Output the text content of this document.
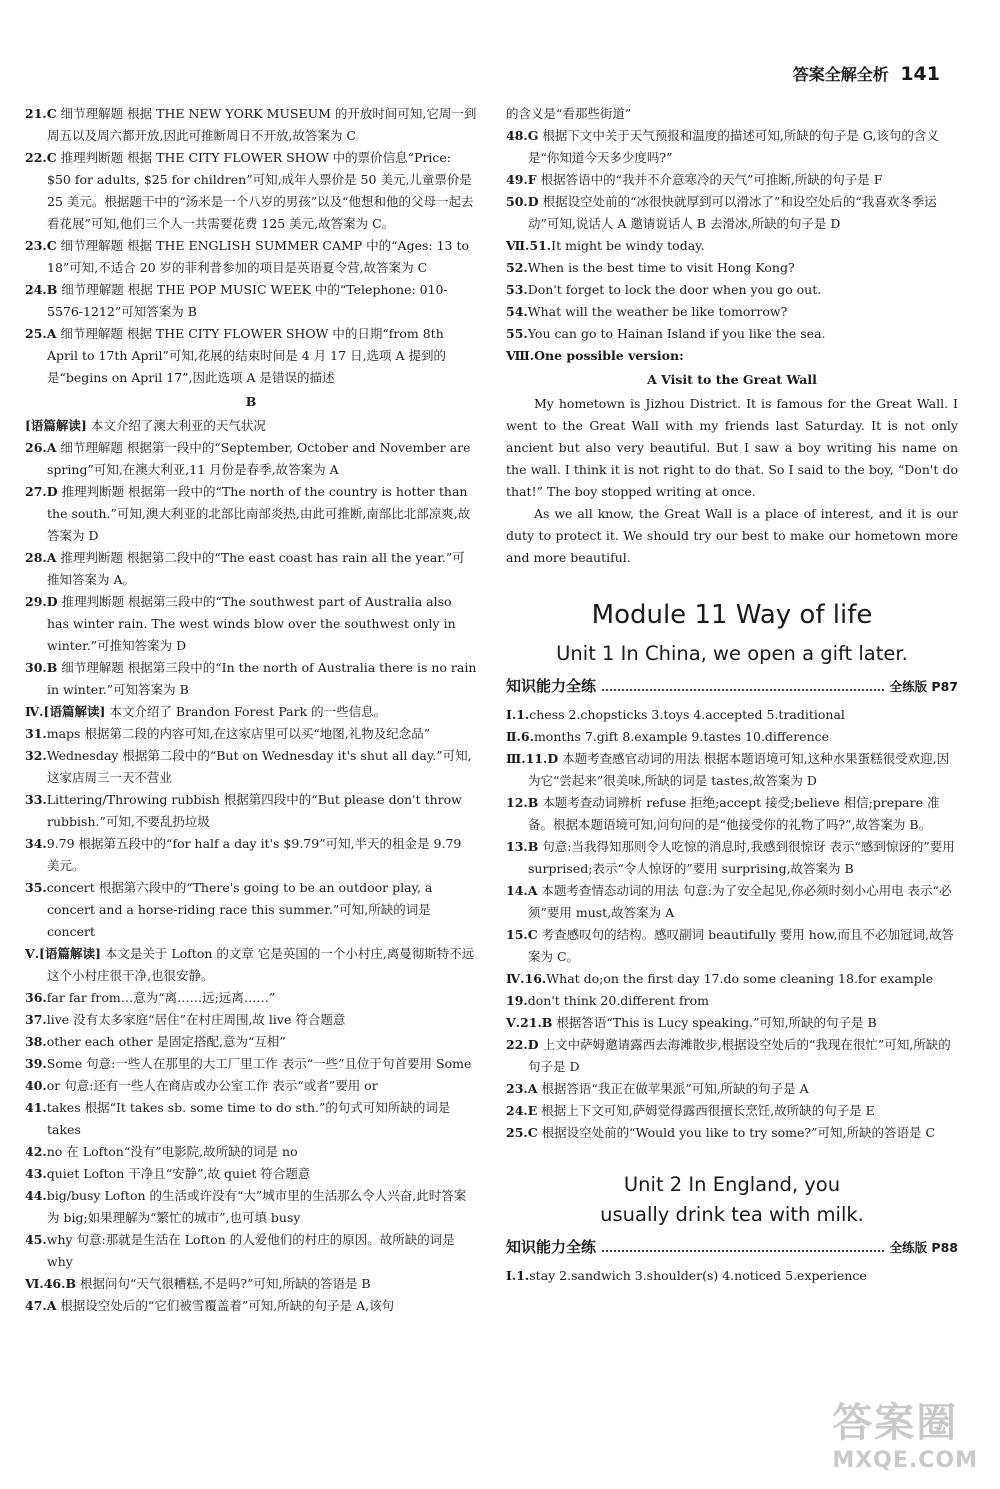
答案全解全析 141

21.C 细节理解题 根据 THE NEW YORK MUSEUM 的开放时间可知,它周一到周五以及周六都开放,因此可推断周日不开放,故答案为 C

22.C 推理判断题 根据 THE CITY FLOWER SHOW 中的票价信息“Price: $50 for adults, $25 for children”可知,成年人票价是 50 美元,儿童票价是 25 美元。根据题干中的“汤米是一个八岁的男孩”以及“他想和他的父母一起去看花展”可知,他们三个人一共需要花费 125 美元,故答案为 C。

23.C 细节理解题 根据 THE ENGLISH SUMMER CAMP 中的“Ages: 13 to 18”可知,不适合 20 岁的菲利普参加的项目是英语夏令营,故答案为 C

24.B 细节理解题 根据 THE POP MUSIC WEEK 中的“Telephone: 010-5576-1212”可知答案为 B

25.A 细节理解题 根据 THE CITY FLOWER SHOW 中的日期“from 8th April to 17th April”可知,花展的结束时间是 4 月 17 日,选项 A 提到的是“begins on April 17”,因此选项 A 是错误的描述

B

[语篇解读] 本文介绍了澳大利亚的天气状况

26.A 细节理解题 根据第一段中的“September, October and November are spring”可知,在澳大利亚,11 月份是春季,故答案为 A

27.D 推理判断题 根据第一段中的“The north of the country is hotter than the south.”可知,澳大利亚的北部比南部炎热,由此可推断,南部比北部凉爽,故答案为 D

28.A 推理判断题 根据第二段中的“The east coast has rain all the year.”可推知答案为 A。

29.D 推理判断题 根据第三段中的“The southwest part of Australia also has winter rain. The west winds blow over the southwest only in winter.”可推知答案为 D

30.B 细节理解题 根据第三段中的“In the north of Australia there is no rain in winter.”可知答案为 B

Ⅳ.[语篇解读] 本文介绍了 Brandon Forest Park 的一些信息。

31.maps 根据第二段的内容可知,在这家店里可以买“地图,礼物及纪念品”

32.Wednesday 根据第二段中的“But on Wednesday it's shut all day.”可知,这家店周三一天不营业

33.Littering/Throwing rubbish 根据第四段中的“But please don't throw rubbish.”可知,不要乱扔垃圾

34.9.79 根据第五段中的“for half a day it's $9.79”可知,半天的租金是 9.79 美元。

35.concert 根据第六段中的“There's going to be an outdoor play, a concert and a horse-riding race this summer.”可知,所缺的词是 concert

Ⅴ.[语篇解读] 本文是关于 Lofton 的文章 它是英国的一个小村庄,离曼彻斯特不远 这个小村庄很干净,也很安静。

36.far far from…意为“离……远;远离……”

37.live 没有太多家庭“居住”在村庄周围,故 live 符合题意

38.other each other 是固定搭配,意为“互相”

39.Some 句意:一些人在那里的大工厂里工作 表示“一些”且位于句首要用 Some

40.or 句意:还有一些人在商店或办公室工作 表示“或者”要用 or

41.takes 根据“It takes sb. some time to do sth.”的句式可知所缺的词是 takes

42.no 在 Lofton“没有”电影院,故所缺的词是 no

43.quiet Lofton 干净且“安静”,故 quiet 符合题意

44.big/busy Lofton 的生活或许没有“大”城市里的生活那么令人兴奋,此时答案为 big;如果理解为“繁忙的城市”,也可填 busy

45.why 句意:那就是生活在 Lofton 的人爱他们的村庄的原因。故所缺的词是 why

Ⅵ.46.B 根据问句“天气很糟糕,不是吗?”可知,所缺的答语是 B

47.A 根据设空处后的“它们被雪覆盖着”可知,所缺的句子是 A,该句

的含义是“看那些街道”

48.G 根据下文中关于天气预报和温度的描述可知,所缺的句子是 G,该句的含义是“你知道今天多少度吗?”

49.F 根据答语中的“我并不介意寒冷的天气”可推断,所缺的句子是 F

50.D 根据设空处前的“冰很快就厚到可以滑冰了”和设空处后的“我喜欢冬季运动”可知,说话人 A 邀请说话人 B 去滑冰,所缺的句子是 D

Ⅶ.51.It might be windy today.

52.When is the best time to visit Hong Kong?

53.Don't forget to lock the door when you go out.

54.What will the weather be like tomorrow?

55.You can go to Hainan Island if you like the sea.

Ⅷ.One possible version:

A Visit to the Great Wall

My hometown is Jizhou District. It is famous for the Great Wall. I went to the Great Wall with my friends last Saturday. It is not only ancient but also very beautiful. But I saw a boy writing his name on the wall. I think it is not right to do that. So I said to the boy, “Don't do that!” The boy stopped writing at once.

As we all know, the Great Wall is a place of interest, and it is our duty to protect it. We should try our best to make our hometown more and more beautiful.

Module 11 Way of life
Unit 1 In China, we open a gift later.
知识能力全练	全练版 P87

Ⅰ.1.chess 2.chopsticks 3.toys 4.accepted 5.traditional

Ⅱ.6.months 7.gift 8.example 9.tastes 10.difference

Ⅲ.11.D 本题考查感官动词的用法 根据本题语境可知,这种水果蛋糕很受欢迎,因为它“尝起来”很美味,所缺的词是 tastes,故答案为 D

12.B 本题考查动词辨析 refuse 拒绝;accept 接受;believe 相信;prepare 准备。根据本题语境可知,问句问的是“他接受你的礼物了吗?”,故答案为 B。

13.B 句意:当我得知那则令人吃惊的消息时,我感到很惊讶 表示“感到惊讶的”要用 surprised;表示“令人惊讶的”要用 surprising,故答案为 B

14.A 本题考查情态动词的用法 句意:为了安全起见,你必须时刻小心用电 表示“必须”要用 must,故答案为 A

15.C 考查感叹句的结构。感叹副词 beautifully 要用 how,而且不必加冠词,故答案为 C。

Ⅳ.16.What do;on the first day 17.do some cleaning 18.for example

19.don't think 20.different from

Ⅴ.21.B 根据答语“This is Lucy speaking.”可知,所缺的句子是 B

22.D 上文中萨姆邀请露西去海滩散步,根据设空处后的“我现在很忙”可知,所缺的句子是 D

23.A 根据答语“我正在做苹果派”可知,所缺的句子是 A

24.E 根据上下文可知,萨姆觉得露西很擅长烹饪,故所缺的句子是 E

25.C 根据设空处前的“Would you like to try some?”可知,所缺的答语是 C

Unit 2 In England, you
usually drink tea with milk.
知识能力全练	全练版 P88

Ⅰ.1.stay 2.sandwich 3.shoulder(s) 4.noticed 5.experience

答案圈
MXQE.COM
